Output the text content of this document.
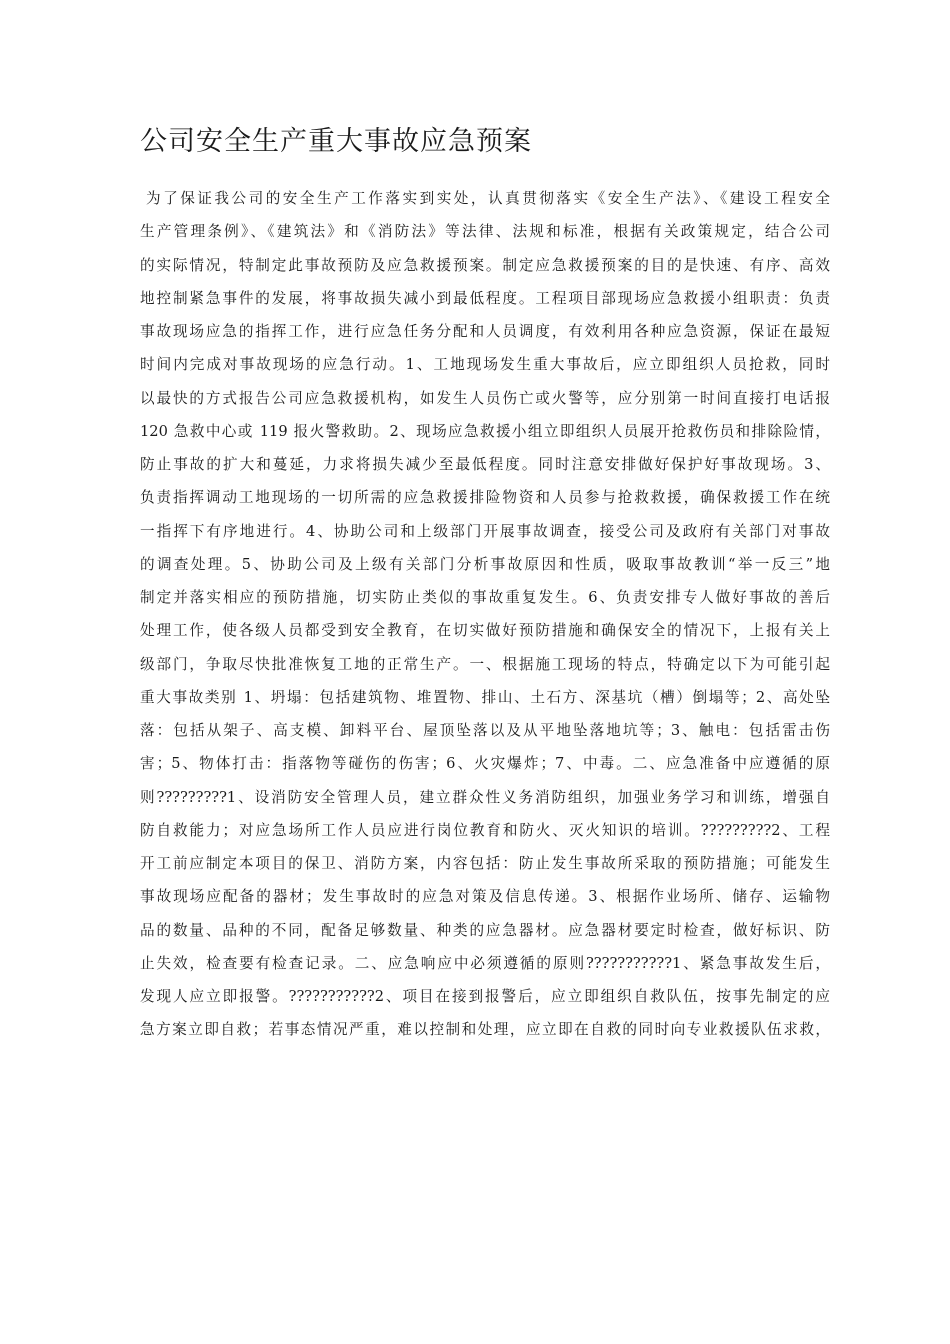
公司安全生产重大事故应急预案
为了保证我公司的安全生产工作落实到实处，认真贯彻落实《安全生产法》、《建设工程安全
生产管理条例》、《建筑法》和《消防法》等法律、法规和标准，根据有关政策规定，结合公司
的实际情况，特制定此事故预防及应急救援预案。制定应急救援预案的目的是快速、有序、高效
地控制紧急事件的发展，将事故损失减小到最低程度。工程项目部现场应急救援小组职责：负责
事故现场应急的指挥工作，进行应急任务分配和人员调度，有效利用各种应急资源，保证在最短
时间内完成对事故现场的应急行动。1、工地现场发生重大事故后，应立即组织人员抢救，同时
以最快的方式报告公司应急救援机构，如发生人员伤亡或火警等，应分别第一时间直接打电话报
120 急救中心或 119 报火警救助。2、现场应急救援小组立即组织人员展开抢救伤员和排除险情，
防止事故的扩大和蔓延，力求将损失减少至最低程度。同时注意安排做好保护好事故现场。3、
负责指挥调动工地现场的一切所需的应急救援排险物资和人员参与抢救救援，确保救援工作在统
一指挥下有序地进行。4、协助公司和上级部门开展事故调查，接受公司及政府有关部门对事故
的调查处理。5、协助公司及上级有关部门分析事故原因和性质，吸取事故教训“举一反三”地
制定并落实相应的预防措施，切实防止类似的事故重复发生。6、负责安排专人做好事故的善后
处理工作，使各级人员都受到安全教育，在切实做好预防措施和确保安全的情况下，上报有关上
级部门，争取尽快批准恢复工地的正常生产。一、根据施工现场的特点，特确定以下为可能引起
重大事故类别 1、坍塌：包括建筑物、堆置物、排山、土石方、深基坑（槽）倒塌等；2、高处坠
落：包括从架子、高支模、卸料平台、屋顶坠落以及从平地坠落地坑等；3、触电：包括雷击伤
害；5、物体打击：指落物等碰伤的伤害；6、火灾爆炸；7、中毒。二、应急准备中应遵循的原
则?????????1、设消防安全管理人员，建立群众性义务消防组织，加强业务学习和训练，增强自
防自救能力；对应急场所工作人员应进行岗位教育和防火、灭火知识的培训。?????????2、工程
开工前应制定本项目的保卫、消防方案，内容包括：防止发生事故所采取的预防措施；可能发生
事故现场应配备的器材；发生事故时的应急对策及信息传递。3、根据作业场所、储存、运输物
品的数量、品种的不同，配备足够数量、种类的应急器材。应急器材要定时检查，做好标识、防
止失效，检查要有检查记录。二、应急响应中必须遵循的原则???????????1、紧急事故发生后，
发现人应立即报警。???????????2、项目在接到报警后，应立即组织自救队伍，按事先制定的应
急方案立即自救；若事态情况严重，难以控制和处理，应立即在自救的同时向专业救援队伍求救，
